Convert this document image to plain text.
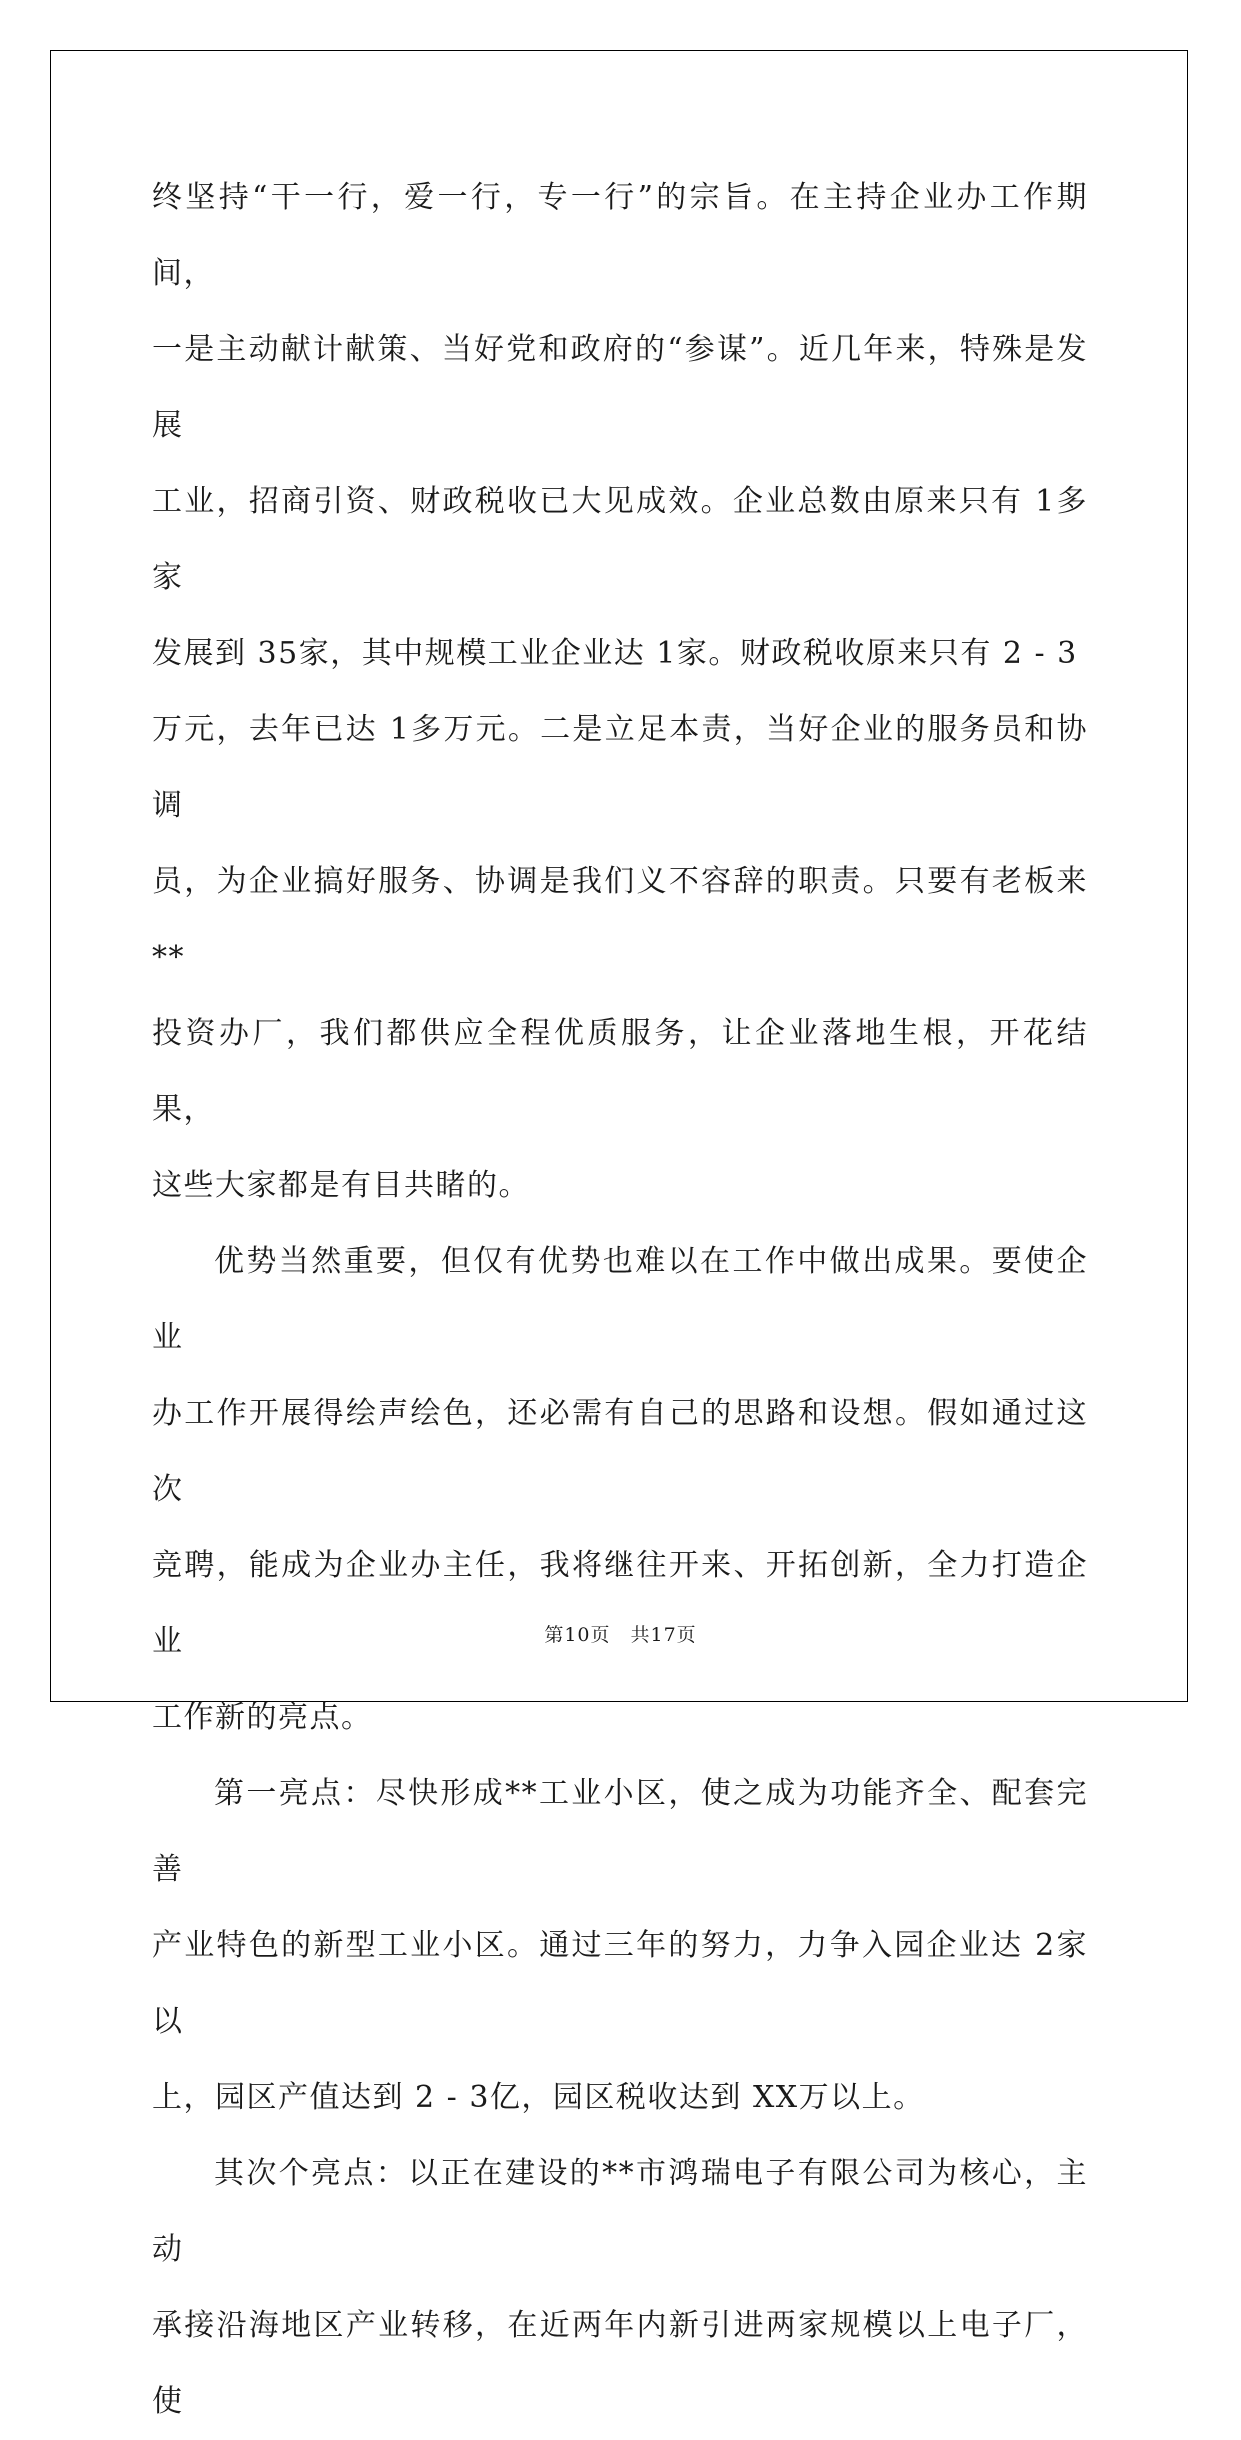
终坚持“干一行，爱一行，专一行”的宗旨。在主持企业办工作期间，
一是主动献计献策、当好党和政府的“参谋”。近几年来，特殊是发展
工业，招商引资、财政税收已大见成效。企业总数由原来只有 1多家
发展到 35家，其中规模工业企业达 1家。财政税收原来只有 2 - 3
万元，去年已达 1多万元。二是立足本责，当好企业的服务员和协调
员，为企业搞好服务、协调是我们义不容辞的职责。只要有老板来**
投资办厂，我们都供应全程优质服务，让企业落地生根，开花结果，
这些大家都是有目共睹的。

优势当然重要，但仅有优势也难以在工作中做出成果。要使企业
办工作开展得绘声绘色，还必需有自己的思路和设想。假如通过这次
竞聘，能成为企业办主任，我将继往开来、开拓创新，全力打造企业
工作新的亮点。

第一亮点：尽快形成**工业小区，使之成为功能齐全、配套完善
产业特色的新型工业小区。通过三年的努力，力争入园企业达 2家以
上，园区产值达到 2 - 3亿，园区税收达到 XX万以上。

其次个亮点：以正在建设的**市鸿瑞电子有限公司为核心，主动
承接沿海地区产业转移，在近两年内新引进两家规模以上电子厂，使

第10页 共17页
